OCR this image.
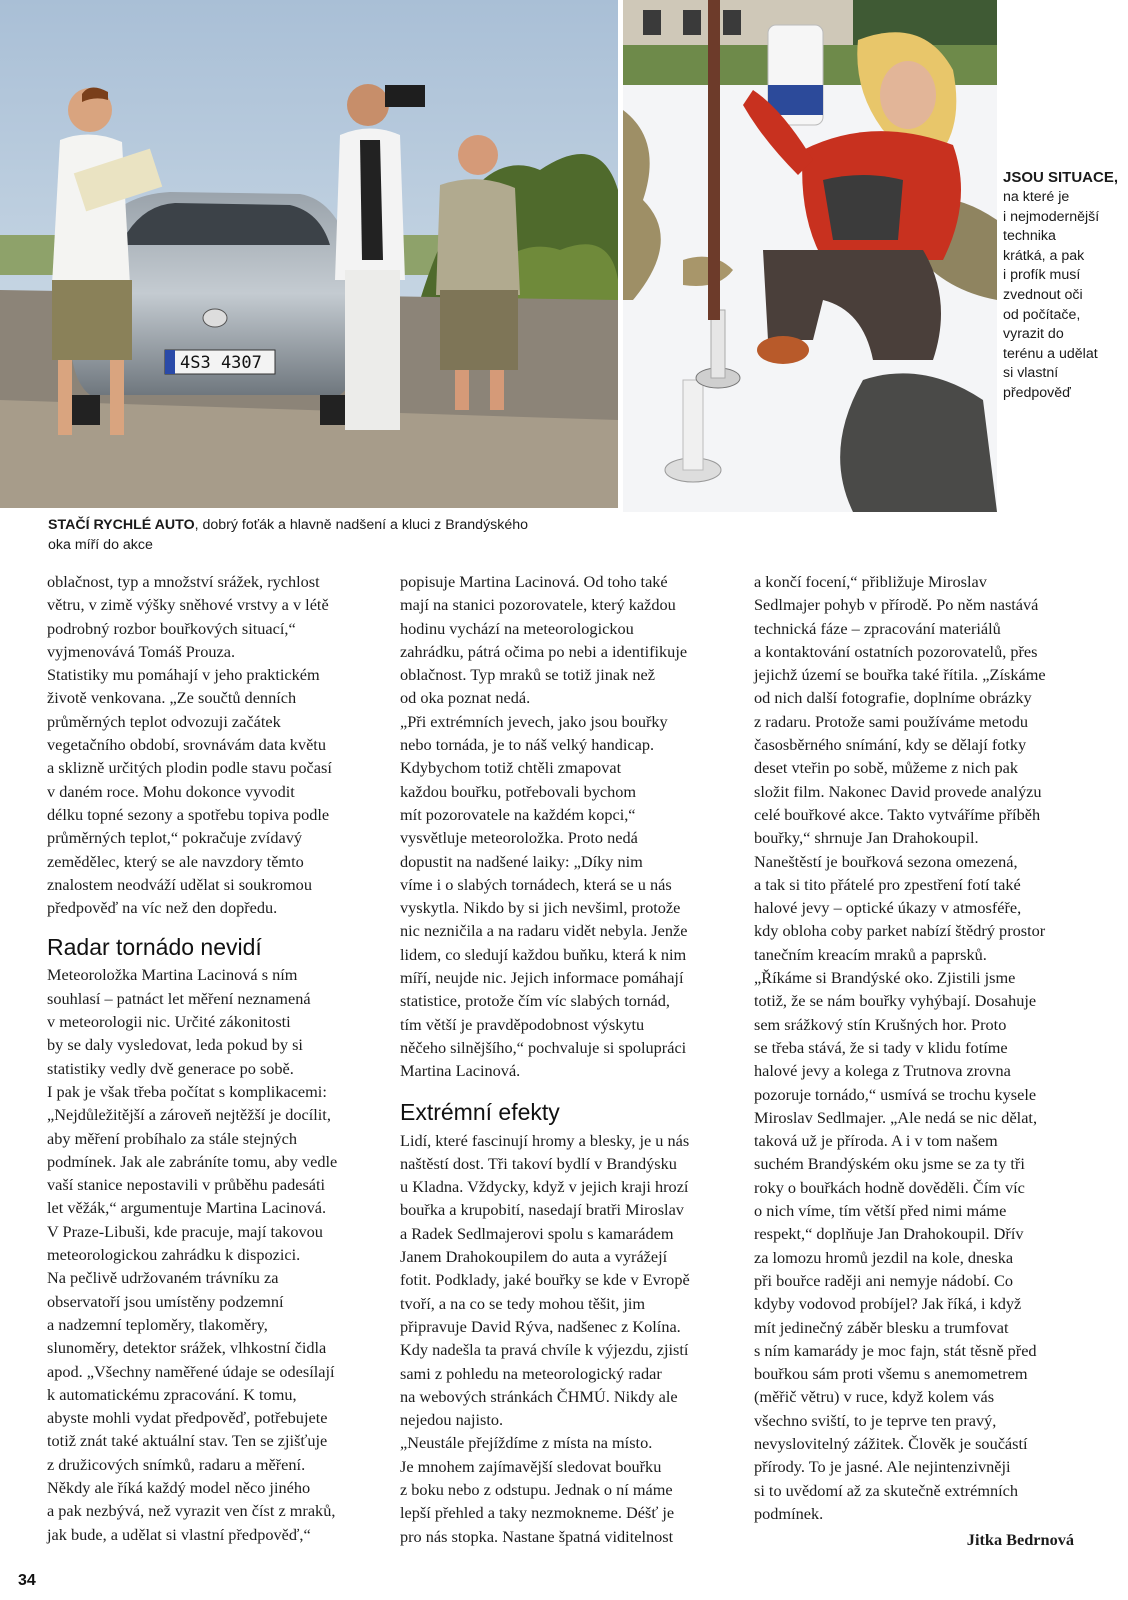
4S3 4307
JSOU SITUACE,
na které je
i nejmodernější
technika
krátká, a pak
i profík musí
zvednout oči
od počítače,
vyrazit do
terénu a udělat
si vlastní
předpověď
STAČÍ RYCHLÉ AUTO, dobrý foťák a hlavně nadšení a kluci z Brandýského
oka míří do akce
oblačnost, typ a množství srážek, rychlost
větru, v zimě výšky sněhové vrstvy a v létě
podrobný rozbor bouřkových situací,“
vyjmenovává Tomáš Prouza.
Statistiky mu pomáhají v jeho praktickém
životě venkovana. „Ze součtů denních
průměrných teplot odvozuji začátek
vegetačního období, srovnávám data květu
a sklizně určitých plodin podle stavu počasí
v daném roce. Mohu dokonce vyvodit
délku topné sezony a spotřebu topiva podle
průměrných teplot,“ pokračuje zvídavý
zemědělec, který se ale navzdory těmto
znalostem neodváží udělat si soukromou
předpověď na víc než den dopředu.
Radar tornádo nevidí
Meteoroložka Martina Lacinová s ním
souhlasí – patnáct let měření neznamená
v meteorologii nic. Určité zákonitosti
by se daly vysledovat, leda pokud by si
statistiky vedly dvě generace po sobě.
I pak je však třeba počítat s komplikacemi:
„Nejdůležitější a zároveň nejtěžší je docílit,
aby měření probíhalo za stále stejných
podmínek. Jak ale zabráníte tomu, aby vedle
vaší stanice nepostavili v průběhu padesáti
let věžák,“ argumentuje Martina Lacinová.
V Praze-Libuši, kde pracuje, mají takovou
meteorologickou zahrádku k dispozici.
Na pečlivě udržovaném trávníku za
observatoří jsou umístěny podzemní
a nadzemní teploměry, tlakoměry,
slunoměry, detektor srážek, vlhkostní čidla
apod. „Všechny naměřené údaje se odesílají
k automatickému zpracování. K tomu,
abyste mohli vydat předpověď, potřebujete
totiž znát také aktuální stav. Ten se zjišťuje
z družicových snímků, radaru a měření.
Někdy ale říká každý model něco jiného
a pak nezbývá, než vyrazit ven číst z mraků,
jak bude, a udělat si vlastní předpověď,“
popisuje Martina Lacinová. Od toho také
mají na stanici pozorovatele, který každou
hodinu vychází na meteorologickou
zahrádku, pátrá očima po nebi a identifikuje
oblačnost. Typ mraků se totiž jinak než
od oka poznat nedá.
„Při extrémních jevech, jako jsou bouřky
nebo tornáda, je to náš velký handicap.
Kdybychom totiž chtěli zmapovat
každou bouřku, potřebovali bychom
mít pozorovatele na každém kopci,“
vysvětluje meteoroložka. Proto nedá
dopustit na nadšené laiky: „Díky nim
víme i o slabých tornádech, která se u nás
vyskytla. Nikdo by si jich nevšiml, protože
nic nezničila a na radaru vidět nebyla. Jenže
lidem, co sledují každou buňku, která k nim
míří, neujde nic. Jejich informace pomáhají
statistice, protože čím víc slabých tornád,
tím větší je pravděpodobnost výskytu
něčeho silnějšího,“ pochvaluje si spolupráci
Martina Lacinová.
Extrémní efekty
Lidí, které fascinují hromy a blesky, je u nás
naštěstí dost. Tři takoví bydlí v Brandýsku
u Kladna. Vždycky, když v jejich kraji hrozí
bouřka a krupobití, nasedají bratři Miroslav
a Radek Sedlmajerovi spolu s kamarádem
Janem Drahokoupilem do auta a vyrážejí
fotit. Podklady, jaké bouřky se kde v Evropě
tvoří, a na co se tedy mohou těšit, jim
připravuje David Rýva, nadšenec z Kolína.
Kdy nadešla ta pravá chvíle k výjezdu, zjistí
sami z pohledu na meteorologický radar
na webových stránkách ČHMÚ. Nikdy ale
nejedou najisto.
„Neustále přejíždíme z místa na místo.
Je mnohem zajímavější sledovat bouřku
z boku nebo z odstupu. Jednak o ní máme
lepší přehled a taky nezmokneme. Déšť je
pro nás stopka. Nastane špatná viditelnost
a končí focení,“ přibližuje Miroslav
Sedlmajer pohyb v přírodě. Po něm nastává
technická fáze – zpracování materiálů
a kontaktování ostatních pozorovatelů, přes
jejichž území se bouřka také řítila. „Získáme
od nich další fotografie, doplníme obrázky
z radaru. Protože sami používáme metodu
časosběrného snímání, kdy se dělají fotky
deset vteřin po sobě, můžeme z nich pak
složit film. Nakonec David provede analýzu
celé bouřkové akce. Takto vytváříme příběh
bouřky,“ shrnuje Jan Drahokoupil.
Naneštěstí je bouřková sezona omezená,
a tak si tito přátelé pro zpestření fotí také
halové jevy – optické úkazy v atmosféře,
kdy obloha coby parket nabízí štědrý prostor
tanečním kreacím mraků a paprsků.
„Říkáme si Brandýské oko. Zjistili jsme
totiž, že se nám bouřky vyhýbají. Dosahuje
sem srážkový stín Krušných hor. Proto
se třeba stává, že si tady v klidu fotíme
halové jevy a kolega z Trutnova zrovna
pozoruje tornádo,“ usmívá se trochu kysele
Miroslav Sedlmajer. „Ale nedá se nic dělat,
taková už je příroda. A i v tom našem
suchém Brandýském oku jsme se za ty tři
roky o bouřkách hodně dověděli. Čím víc
o nich víme, tím větší před nimi máme
respekt,“ doplňuje Jan Drahokoupil. Dřív
za lomozu hromů jezdil na kole, dneska
při bouřce raději ani nemyje nádobí. Co
kdyby vodovod probíjel? Jak říká, i když
mít jedinečný záběr blesku a trumfovat
s ním kamarády je moc fajn, stát těsně před
bouřkou sám proti všemu s anemometrem
(měřič větru) v ruce, když kolem vás
všechno sviští, to je teprve ten pravý,
nevyslovitelný zážitek. Člověk je součástí
přírody. To je jasné. Ale nejintenzivněji
si to uvědomí až za skutečně extrémních
podmínek.
Jitka Bedrnová
34
